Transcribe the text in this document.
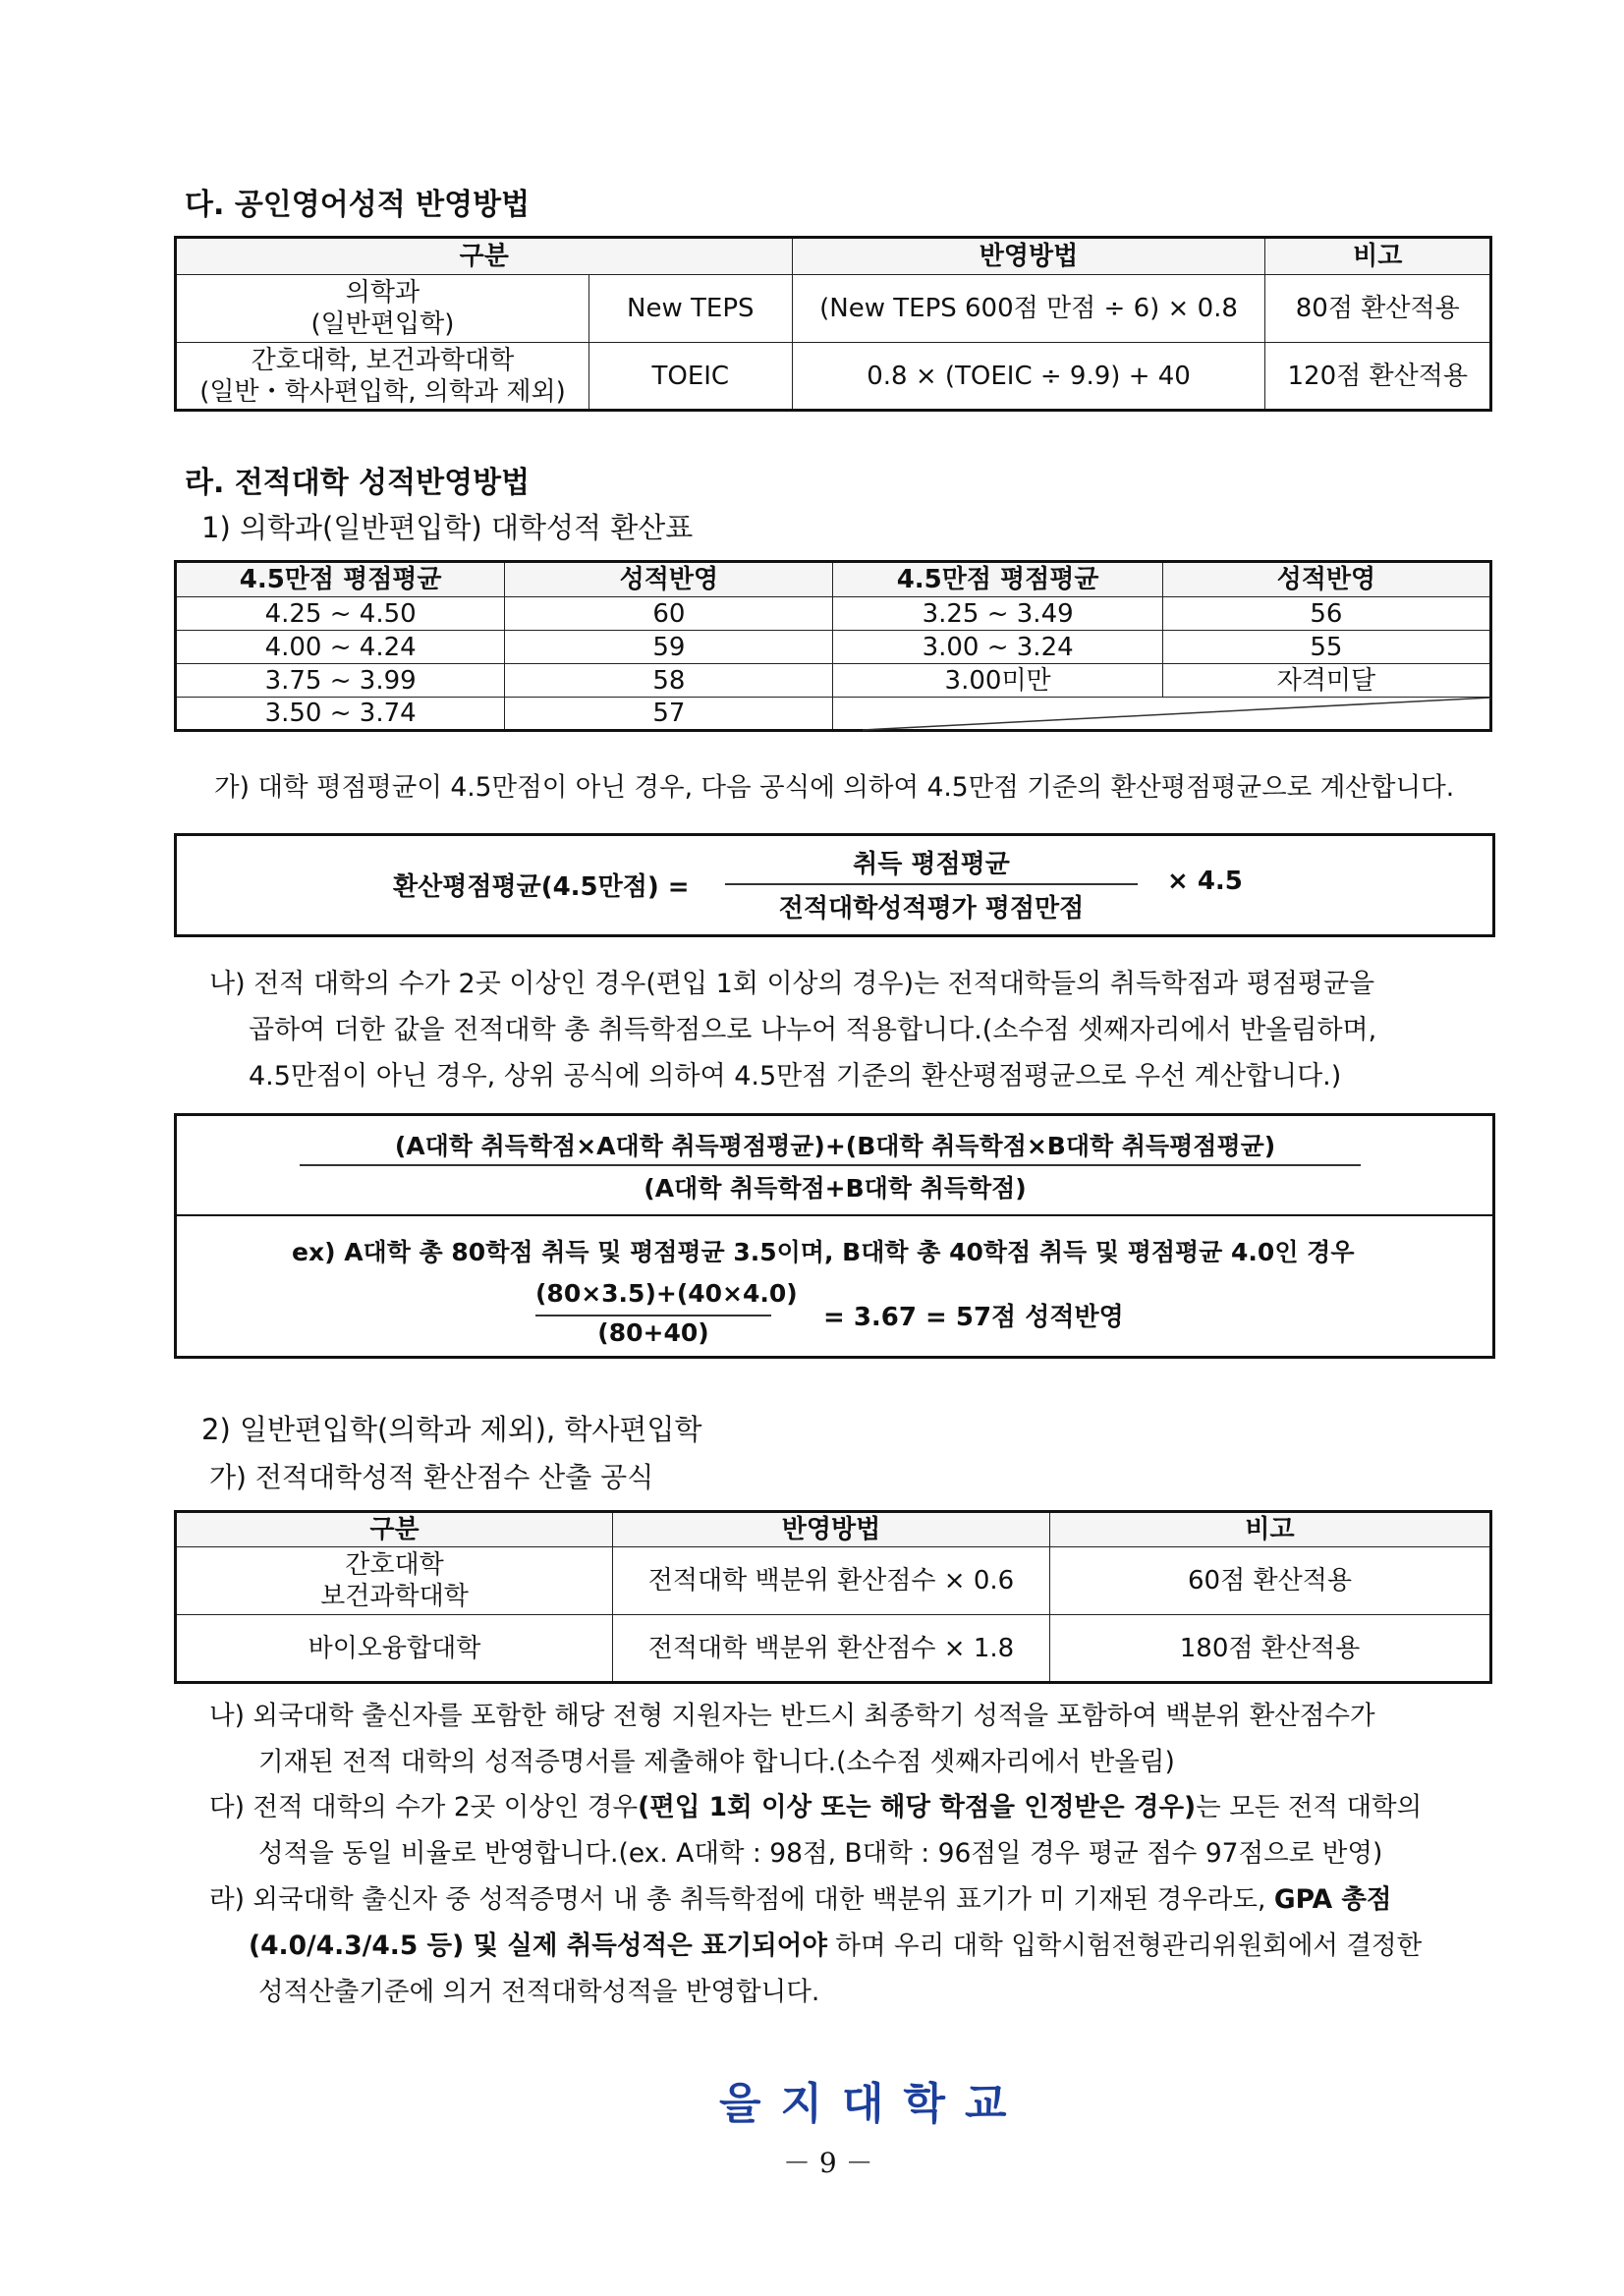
다. 공인영어성적 반영방법
구분		반영방법	비고

의학과
(일반편입학)	New TEPS	(New TEPS 600점 만점 ÷ 6) × 0.8	80점 환산적용

간호대학, 보건과학대학
(일반・학사편입학, 의학과 제외)	TOEIC	0.8 × (TOEIC ÷ 9.9) + 40	120점 환산적용
라. 전적대학 성적반영방법
1) 의학과(일반편입학) 대학성적 환산표
4.5만점 평점평균	성적반영	4.5만점 평점평균	성적반영
4.25 ~ 4.50	60	3.25 ~ 3.49	56
4.00 ~ 4.24	59	3.00 ~ 3.24	55
3.75 ~ 3.99	58	3.00미만	자격미달
3.50 ~ 3.74	57	
가) 대학 평점평균이 4.5만점이 아닌 경우, 다음 공식에 의하여 4.5만점 기준의 환산평점평균으로 계산합니다.
환산평점평균(4.5만점) =
취득 평점평균
전적대학성적평가 평점만점
× 4.5
나) 전적 대학의 수가 2곳 이상인 경우(편입 1회 이상의 경우)는 전적대학들의 취득학점과 평점평균을
곱하여 더한 값을 전적대학 총 취득학점으로 나누어 적용합니다.(소수점 셋째자리에서 반올림하며,
4.5만점이 아닌 경우, 상위 공식에 의하여 4.5만점 기준의 환산평점평균으로 우선 계산합니다.)
(A대학 취득학점×A대학 취득평점평균)+(B대학 취득학점×B대학 취득평점평균)
(A대학 취득학점+B대학 취득학점)
ex) A대학 총 80학점 취득 및 평점평균 3.5이며, B대학 총 40학점 취득 및 평점평균 4.0인 경우
(80×3.5)+(40×4.0)
(80+40)
= 3.67 = 57점 성적반영
2) 일반편입학(의학과 제외), 학사편입학
가) 전적대학성적 환산점수 산출 공식
구분	반영방법	비고

간호대학
보건과학대학	전적대학 백분위 환산점수 × 0.6	60점 환산적용
바이오융합대학	전적대학 백분위 환산점수 × 1.8	180점 환산적용
나) 외국대학 출신자를 포함한 해당 전형 지원자는 반드시 최종학기 성적을 포함하여 백분위 환산점수가
기재된 전적 대학의 성적증명서를 제출해야 합니다.(소수점 셋째자리에서 반올림)
다) 전적 대학의 수가 2곳 이상인 경우(편입 1회 이상 또는 해당 학점을 인정받은 경우)는 모든 전적 대학의
성적을 동일 비율로 반영합니다.(ex. A대학 : 98점, B대학 : 96점일 경우 평균 점수 97점으로 반영)
라) 외국대학 출신자 중 성적증명서 내 총 취득학점에 대한 백분위 표기가 미 기재된 경우라도, GPA 총점
(4.0/4.3/4.5 등) 및 실제 취득성적은 표기되어야 하며 우리 대학 입학시험전형관리위원회에서 결정한
성적산출기준에 의거 전적대학성적을 반영합니다.
을지대학교
－ 9 －
